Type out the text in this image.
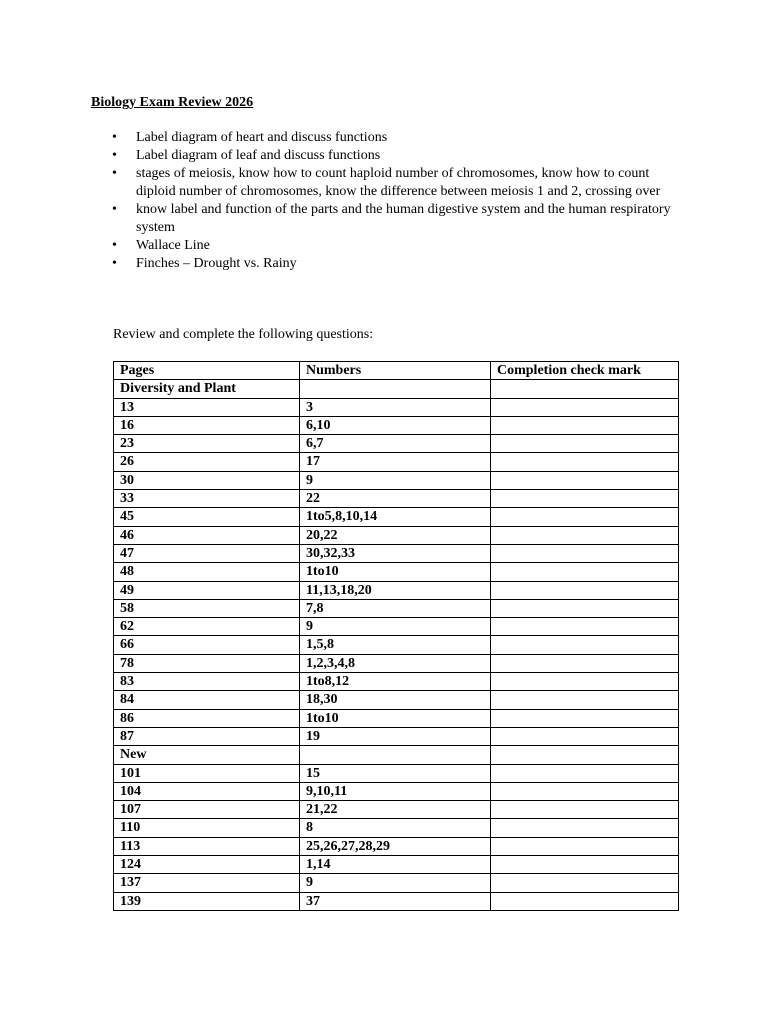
Biology Exam Review 2026
• Label diagram of heart and discuss functions
• Label diagram of leaf and discuss functions
• stages of meiosis, know how to count haploid number of chromosomes, know how to count diploid number of chromosomes, know the difference between meiosis 1 and 2, crossing over
• know label and function of the parts and the human digestive system and the human respiratory system
• Wallace Line
• Finches – Drought vs. Rainy
Review and complete the following questions:
Pages	Numbers	Completion check mark
Diversity and Plant		
13	3	
16	6,10	
23	6,7	
26	17	
30	9	
33	22	
45	1to5,8,10,14	
46	20,22	
47	30,32,33	
48	1to10	
49	11,13,18,20	
58	7,8	
62	9	
66	1,5,8	
78	1,2,3,4,8	
83	1to8,12	
84	18,30	
86	1to10	
87	19	
New		
101	15	
104	9,10,11	
107	21,22	
110	8	
113	25,26,27,28,29	
124	1,14	
137	9	
139	37	
